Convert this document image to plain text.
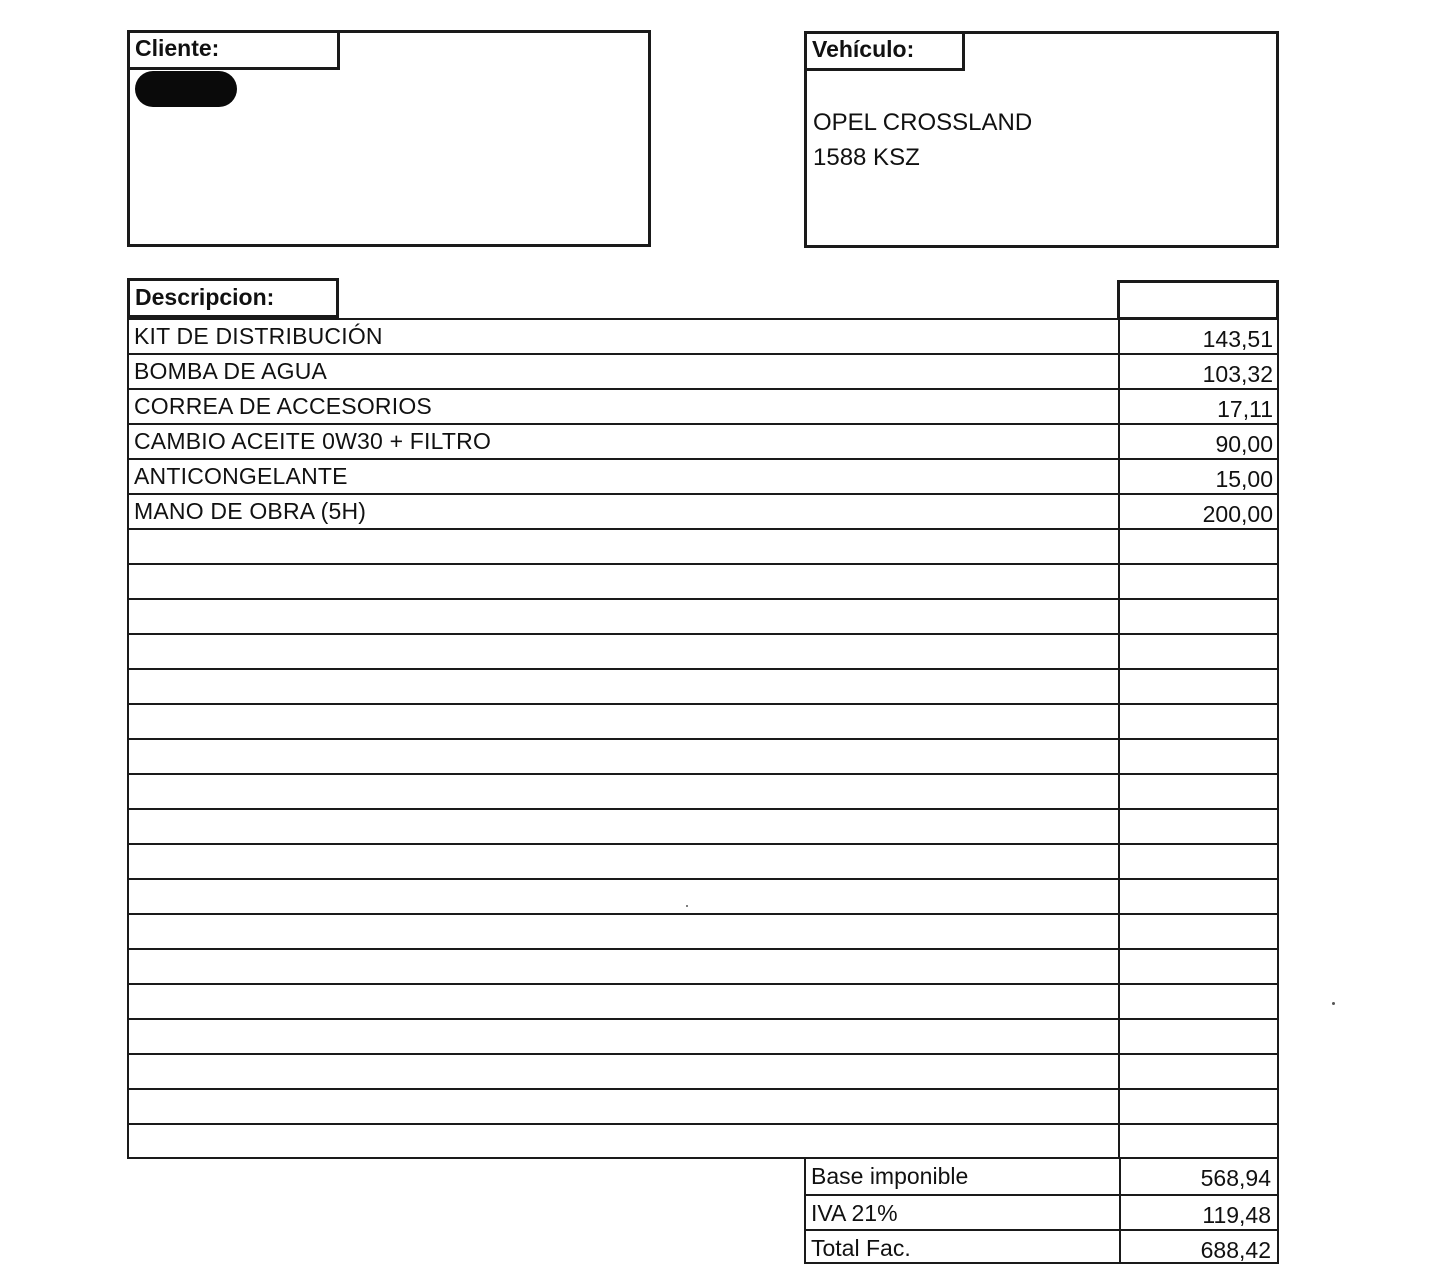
Cliente:	Vehículo:
OPEL CROSSLAND
1588 KSZ
Descripcion:
KIT DE DISTRIBUCIÓN	143,51
BOMBA DE AGUA	103,32
CORREA DE ACCESORIOS	17,11
CAMBIO ACEITE 0W30 + FILTRO	90,00
ANTICONGELANTE	15,00
MANO DE OBRA (5H)	200,00
Base imponible	568,94
IVA 21%	119,48
Total Fac.	688,42
